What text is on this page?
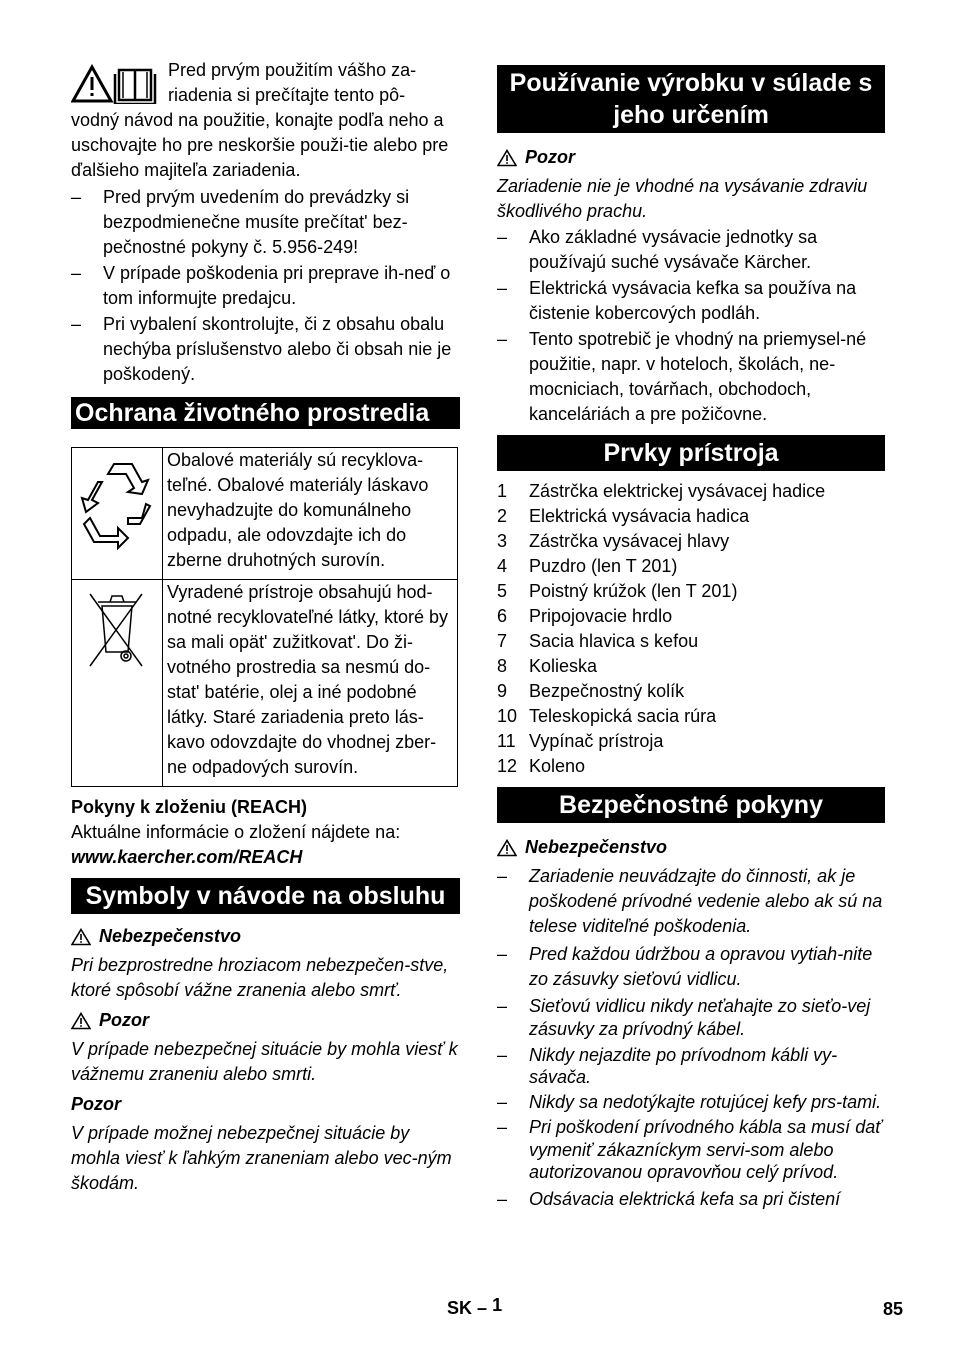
Pred prvým použitím vášho za-

riadenia si prečítajte tento pô-

vodný návod na použitie, konajte podľa neho a uschovajte ho pre neskoršie použi-tie alebo pre ďalšieho majiteľa zariadenia.

–	Pred prvým uvedením do prevádzky si bezpodmienečne musíte prečítat' bez-pečnostné pokyny č. 5.956-249!
–	V prípade poškodenia pri preprave ih-neď o tom informujte predajcu.
–	Pri vybalení skontrolujte, či z obsahu obalu nechýba príslušenstvo alebo či obsah nie je poškodený.
Ochrana životného prostredia
	Obalové materiály sú recyklova-teľné. Obalové materiály láskavo nevyhadzujte do komunálneho odpadu, ale odovzdajte ich do zberne druhotných surovín.
	Vyradené prístroje obsahujú hod-notné recyklovateľné látky, ktoré by sa mali opät' zužitkovat'. Do ži-votného prostredia sa nesmú do-stat' batérie, olej a iné podobné látky. Staré zariadenia preto lás-kavo odovzdajte do vhodnej zber-ne odpadových surovín.

Pokyny k zloženiu (REACH)

Aktuálne informácie o zložení nájdete na:

www.kaercher.com/REACH

Symboly v návode na obsluhu
Nebezpečenstvo

Pri bezprostredne hroziacom nebezpečen-stve, ktoré spôsobí vážne zranenia alebo smrť.

Pozor

V prípade nebezpečnej situácie by mohla viesť k vážnemu zraneniu alebo smrti.

Pozor

V prípade možnej nebezpečnej situácie by mohla viesť k ľahkým zraneniam alebo vec-ným škodám.

Používanie výrobku v súlade s jeho určením
Pozor

Zariadenie nie je vhodné na vysávanie zdraviu škodlivého prachu.

–	Ako základné vysávacie jednotky sa používajú suché vysávače Kärcher.
–	Elektrická vysávacia kefka sa používa na čistenie kobercových podláh.
–	Tento spotrebič je vhodný na priemysel-né použitie, napr. v hoteloch, školách, ne-mocniciach, továrňach, obchodoch, kanceláriách a pre požičovne.
Prvky prístroja
1	Zástrčka elektrickej vysávacej hadice
2	Elektrická vysávacia hadica
3	Zástrčka vysávacej hlavy
4	Puzdro (len T 201)
5	Poistný krúžok (len T 201)
6	Pripojovacie hrdlo
7	Sacia hlavica s kefou
8	Kolieska
9	Bezpečnostný kolík
10 Teleskopická sacia rúra
11 Vypínač prístroja
12 Koleno
Bezpečnostné pokyny
Nebezpečenstvo
–	Zariadenie neuvádzajte do činnosti, ak je poškodené prívodné vedenie alebo ak sú na telese viditeľné poškodenia.
–	Pred každou údržbou a opravou vytiah-nite zo zásuvky sieťovú vidlicu.
–	Sieťovú vidlicu nikdy neťahajte zo sieťo-vej zásuvky za prívodný kábel.
–	Nikdy nejazdite po prívodnom kábli vy-sávača.
–	Nikdy sa nedotýkajte rotujúcej kefy prs-tami.
–	Pri poškodení prívodného kábla sa musí dať vymeniť zákazníckym servi-som alebo autorizovanou opravovňou celý prívod.
–	Odsávacia elektrická kefa sa pri čistení
SK – 1	85
